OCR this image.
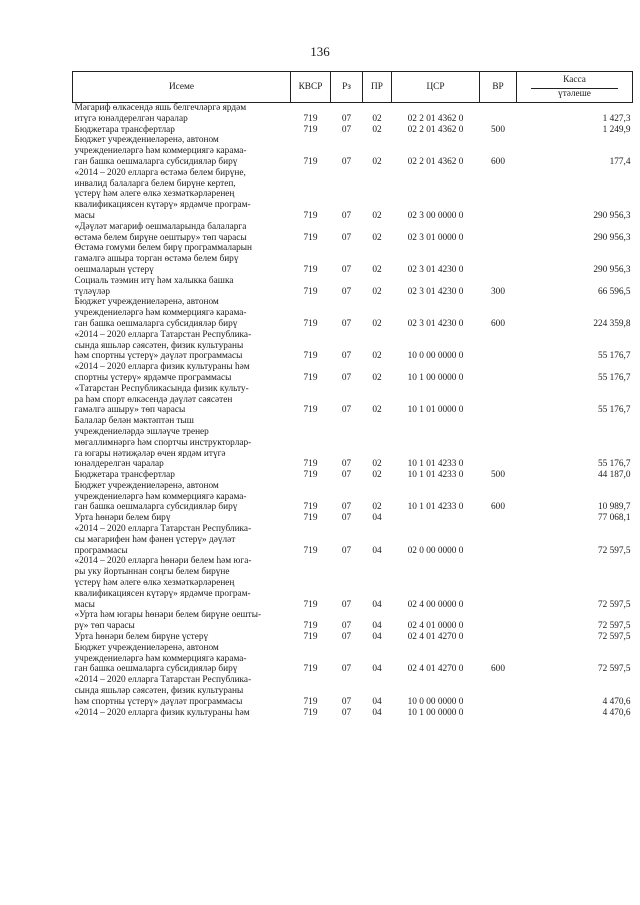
136
Исеме	КВСР	Рз	ПР	ЦСР	ВР	Касса
үтәлеше

Мәгариф өлкәсендә яшь белгечләргә ярдәм
итүгә юнәлдерелгән чаралар	719	07	02	02 2 01 4362 0		1 427,3

Бюджетара трансфертлар	719	07	02	02 2 01 4362 0	500	1 249,9

Бюджет учреждениеләренә, автоном
учреждениеләргә һәм коммерциягә карама-
ган башка оешмаларга субсидияләр бирү	719	07	02	02 2 01 4362 0	600	177,4

«2014 – 2020 елларга өстәмә белем бирүне,
инвалид балаларга белем бирүне кертеп,
үстерү һәм әлеге өлкә хезмәткәрләренең
квалификациясен күтәрү» ярдәмче програм-
масы	719	07	02	02 3 00 0000 0		290 956,3

«Дәүләт мәгариф оешмаларында балаларга
өстәмә белем бирүне оештыру» төп чарасы	719	07	02	02 3 01 0000 0		290 956,3

Өстәмә гомуми белем бирү программаларын
гамәлгә ашыра торган өстәмә белем бирү
оешмаларын үстерү	719	07	02	02 3 01 4230 0		290 956,3

Социаль тәэмин итү һәм халыкка башка
түләүләр	719	07	02	02 3 01 4230 0	300	66 596,5

Бюджет учреждениеләренә, автоном
учреждениеләргә һәм коммерциягә карама-
ган башка оешмаларга субсидияләр бирү	719	07	02	02 3 01 4230 0	600	224 359,8

«2014 – 2020 елларга Татарстан Республика-
сында яшьләр сәясәтен, физик культураны
һәм спортны үстерү» дәүләт программасы	719	07	02	10 0 00 0000 0		55 176,7

«2014 – 2020 елларга физик культураны һәм
спортны үстерү» ярдәмче программасы	719	07	02	10 1 00 0000 0		55 176,7

«Татарстан Республикасында физик культу-
ра һәм спорт өлкәсендә дәүләт сәясәтен
гамәлгә ашыру» төп чарасы	719	07	02	10 1 01 0000 0		55 176,7

Балалар белән мәктәптән тыш
учреждениеләрдә эшләүче тренер
мөгаллимнәргә һәм спортчы инструкторлар-
га югары нәтиҗәләр өчен ярдәм итүгә
юнәлдерелгән чаралар	719	07	02	10 1 01 4233 0		55 176,7

Бюджетара трансфертлар	719	07	02	10 1 01 4233 0	500	44 187,0

Бюджет учреждениеләренә, автоном
учреждениеләргә һәм коммерциягә карама-
ган башка оешмаларга субсидияләр бирү	719	07	02	10 1 01 4233 0	600	10 989,7

Урта һөнәри белем бирү	719	07	04			77 068,1

«2014 – 2020 елларга Татарстан Республика-
сы мәгарифен һәм фәнен үстерү» дәүләт
программасы	719	07	04	02 0 00 0000 0		72 597,5

«2014 – 2020 елларга һөнәри белем һәм юга-
ры уку йортыннан соңгы белем бирүне
үстерү һәм әлеге өлкә хезмәткәрләренең
квалификациясен күтәрү» ярдәмче програм-
масы	719	07	04	02 4 00 0000 0		72 597,5

«Урта һәм югары һөнәри белем бирүне оешты-
рү» төп чарасы	719	07	04	02 4 01 0000 0		72 597,5

Урта һөнәри белем бирүне үстерү	719	07	04	02 4 01 4270 0		72 597,5

Бюджет учреждениеләренә, автоном
учреждениеләргә һәм коммерциягә карама-
ган башка оешмаларга субсидияләр бирү	719	07	04	02 4 01 4270 0	600	72 597,5

«2014 – 2020 елларга Татарстан Республика-
сында яшьләр сәясәтен, физик культураны
һәм спортны үстерү» дәүләт программасы	719	07	04	10 0 00 0000 0		4 470,6

«2014 – 2020 елларга физик культураны һәм	719	07	04	10 1 00 0000 0		4 470,6
